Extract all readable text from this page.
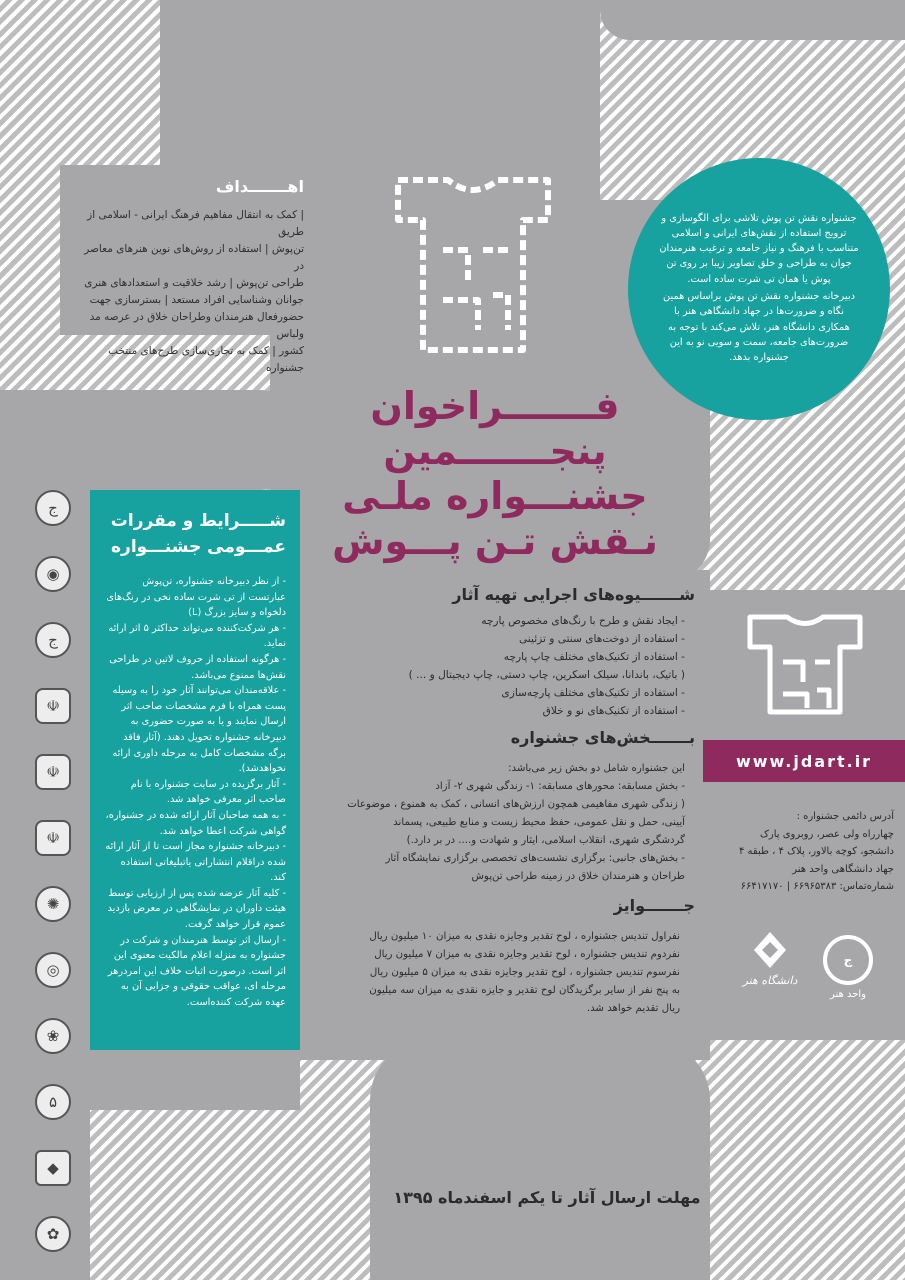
اهـــــــداف
| کمک به انتقال مفاهیم فرهنگ ایرانی - اسلامی از طریق
تن‌پوش | استفاده از روش‌های نوین هنرهای معاصر در
طراحی تن‌پوش | رشد خلاقیت و استعدادهای هنری
جوانان وشناسایی افراد مستعد | بسترسازی جهت
حضورفعال هنرمندان وطراحان خلاق در عرصه مد ولباس
کشور | کمک به تجاری‌سازی طرح‌های منتخب جشنواره

جشنواره نقش تن پوش تلاشی برای الگوسازی و ترویج استفاده از نقش‌های ایرانی و اسلامی متناسب با فرهنگ و نیاز جامعه و ترغیب هنرمندان جوان به طراحی و خلق تصاویر زیبا بر روی تن پوش یا همان تی شرت ساده است.

دبیرخانه جشنواره نقش تن پوش براساس همین نگاه و ضرورت‌ها در جهاد دانشگاهی هنر با همکاری دانشگاه هنر، تلاش می‌کند با توجه به ضرورت‌های جامعه، سمت و سویی نو به این جشنواره بدهد.

فـــــــراخوان
پنجـــــــمین
جشنـــواره ملـی
نـقش تـن پـــوش
شـــــــیوه‌های اجرایی تهیه آثار
- ایجاد نقش و طرح با رنگ‌های مخصوص پارچه
- استفاده از دوخت‌های سنتی و تزئینی
- استفاده از تکنیک‌های مختلف چاپ پارچه
( باتیک، باندانا، سیلک اسکرین، چاپ دستی، چاپ دیجیتال و ... )
- استفاده از تکنیک‌های مختلف پارچه‌سازی
- استفاده از تکنیک‌های نو و خلاق
بـــــــخش‌های جشنواره
این جشنواره شامل دو بخش زیر می‌باشد:
- بخش مسابقه: محورهای مسابقه: ۱- زندگی شهری ۲- آزاد
( زندگی شهری مفاهیمی همچون ارزش‌های انسانی ، کمک به همنوع ، موضوعات
آیینی، حمل و نقل عمومی، حفظ محیط زیست و منابع طبیعی، پسماند
گردشگری شهری، انقلاب اسلامی، ایثار و شهادت و.... در بر دارد.)
- بخش‌های جانبی: برگزاری نشست‌های تخصصی برگزاری نمایشگاه آثار
طراحان و هنرمندان خلاق در زمینه طراحی تن‌پوش
جـــــــوایز
نفراول تندیس جشنواره ، لوح تقدیر وجایزه نقدی به میزان ۱۰ میلیون ریال
نفردوم تندیس جشنواره ، لوح تقدیر وجایزه نقدی به میزان ۷ میلیون ریال
نفرسوم تندیس جشنواره ، لوح تقدیر وجایزه نقدی به میزان ۵ میلیون ریال
به پنج نفر از سایر برگزیدگان لوح تقدیر و جایزه نقدی به میزان سه میلیون
ریال تقدیم خواهد شد.
شـــــرایط و مقررات
عمـــومی جشنـــواره
- از نظر دبیرخانه جشنواره، تن‌پوش عبارتست از تی شرت ساده نخی در رنگ‌های دلخواه و سایز بزرگ (L)
- هر شرکت‌کننده می‌تواند حداکثر ۵ اثر ارائه نماید.
- هرگونه استفاده از حروف لاتین در طراحی نقش‌ها ممنوع می‌باشد.
- علاقه‌مندان می‌توانند آثار خود را به وسیله پست همراه با فرم مشخصات صاحب اثر ارسال نمایند و یا به صورت حضوری به دبیرخانه جشنواره تحویل دهند. (آثار فاقد برگه مشخصات کامل به مرحله داوری ارائه نخواهدشد).
- آثار برگزیده در سایت جشنواره با نام صاحب اثر معرفی خواهد شد.
- به همه صاحبان آثار ارائه شده در جشنواره، گواهی شرکت اعطا خواهد شد.
- دبیرخانه جشنواره مجاز است تا از آثار ارائه شده دراقلام انتشاراتی یاتبلیغاتی استفاده کند.
- کلیه آثار عرضه شده پس از ارزیابی توسط هیئت داوران در نمایشگاهی در معرض بازدید عموم قرار خواهد گرفت.
- ارسال اثر توسط هنرمندان و شرکت در جشنواره به منزله اعلام مالکیت معنوی این اثر است. درصورت اثبات خلاف این امردرهر مرحله ای، عواقب حقوقی و جزایی آن به عهده شرکت کننده‌است.
www.jdart.ir
آدرس دائمی جشنواره :
چهارراه ولی عصر، روبروی پارک
دانشجو، کوچه بالاور، پلاک ۴ ، طبقه ۴
جهاد دانشگاهی واحد هنر
شماره‌تماس: ۶۶۹۶۵۳۸۳ | ۶۶۴۱۷۱۷۰
ج
واحد هنر
دانشگاه هنر
ج
◉
ج
☫
☫
☫
✺
◎
❀
۵
◆
✿
مهلت ارسال آثار تا یکم اسفندماه ۱۳۹۵
